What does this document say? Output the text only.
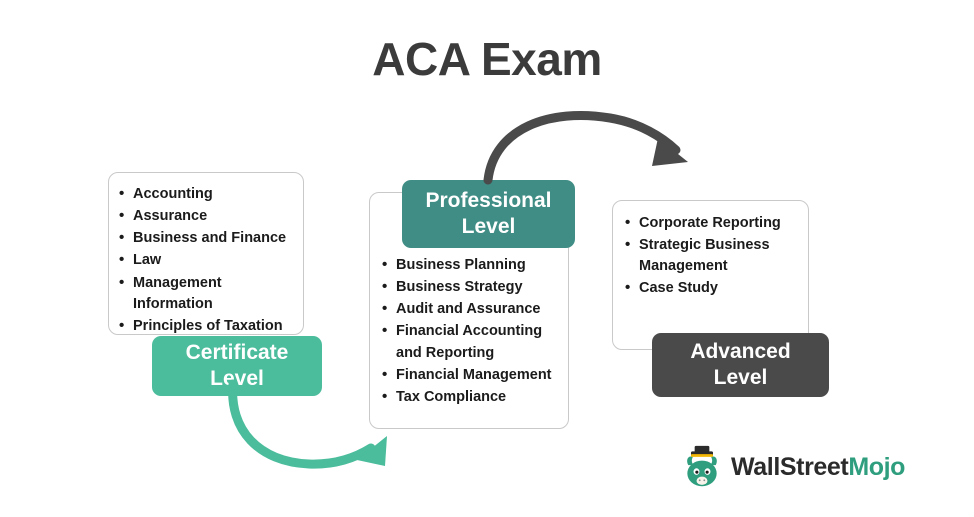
ACA Exam
• Accounting
• Assurance
• Business and Finance
• Law
• Management Information
• Principles of Taxation
• Business Planning
• Business Strategy
• Audit and Assurance
• Financial Accounting and Reporting
• Financial Management
• Tax Compliance
• Corporate Reporting
• Strategic Business Management
• Case Study
Certificate
Level
Professional
Level
Advanced
Level
WallStreetMojo
